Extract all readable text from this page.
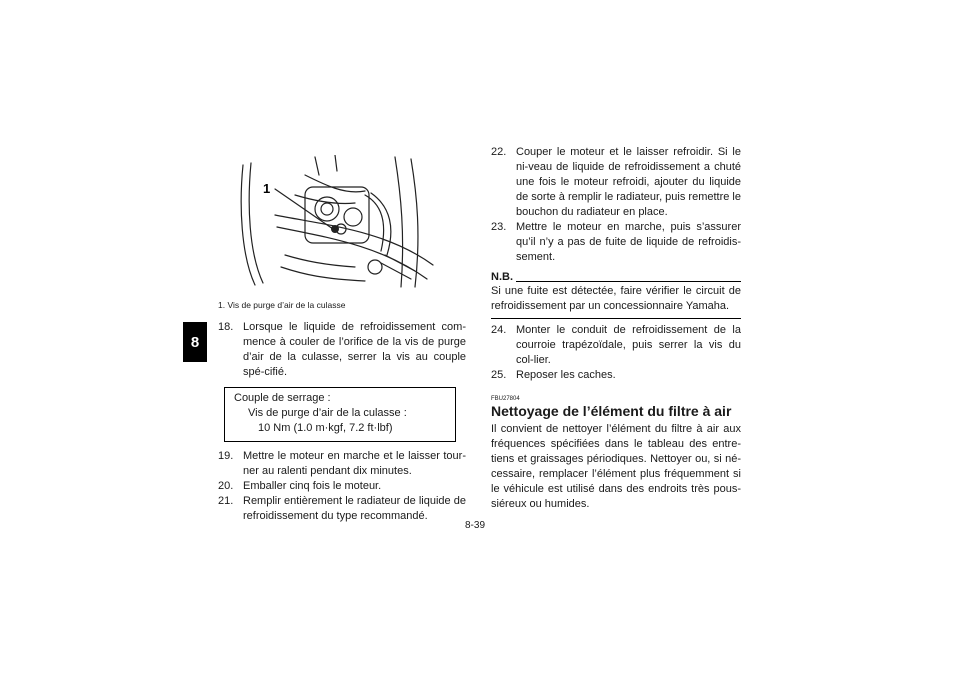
8
1
1. Vis de purge d’air de la culasse

18. Lorsque le liquide de refroidissement com-mence à couler de l’orifice de la vis de purge d’air de la culasse, serrer la vis au couple spé-cifié.

Couple de serrage :
Vis de purge d’air de la culasse :
10 Nm (1.0 m·kgf, 7.2 ft·lbf)

19. Mettre le moteur en marche et le laisser tour-ner au ralenti pendant dix minutes.

20. Emballer cinq fois le moteur.

21. Remplir entièrement le radiateur de liquide de refroidissement du type recommandé.

22. Couper le moteur et le laisser refroidir. Si le ni-veau de liquide de refroidissement a chuté une fois le moteur refroidi, ajouter du liquide de sorte à remplir le radiateur, puis remettre le bouchon du radiateur en place.

23. Mettre le moteur en marche, puis s’assurer qu’il n’y a pas de fuite de liquide de refroidis-sement.

N.B.

Si une fuite est détectée, faire vérifier le circuit de refroidissement par un concessionnaire Yamaha.

24. Monter le conduit de refroidissement de la courroie trapézoïdale, puis serrer la vis du col-lier.

25. Reposer les caches.

FBU27804
Nettoyage de l’élément du filtre à air

Il convient de nettoyer l’élément du filtre à air aux fréquences spécifiées dans le tableau des entre-tiens et graissages périodiques. Nettoyer ou, si né-cessaire, remplacer l’élément plus fréquemment si le véhicule est utilisé dans des endroits très pous-siéreux ou humides.

8-39
